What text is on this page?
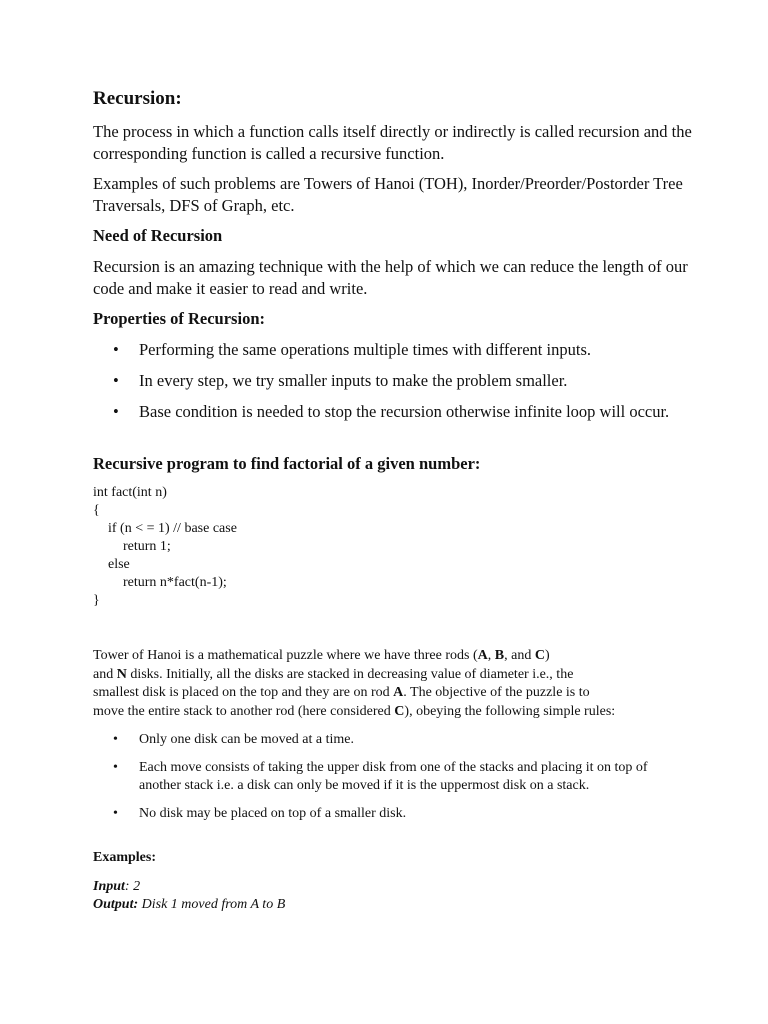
Recursion:

The process in which a function calls itself directly or indirectly is called recursion and the corresponding function is called a recursive function.

Examples of such problems are Towers of Hanoi (TOH), Inorder/Preorder/Postorder Tree Traversals, DFS of Graph, etc.

Need of Recursion

Recursion is an amazing technique with the help of which we can reduce the length of our code and make it easier to read and write.

Properties of Recursion:
• Performing the same operations multiple times with different inputs.
• In every step, we try smaller inputs to make the problem smaller.
• Base condition is needed to stop the recursion otherwise infinite loop will occur.
Recursive program to find factorial of a given number:
int fact(int n)
{
if (n < = 1) // base case
return 1;
else
return n*fact(n-1);
}

Tower of Hanoi is a mathematical puzzle where we have three rods (A, B, and C)
and N disks. Initially, all the disks are stacked in decreasing value of diameter i.e., the
smallest disk is placed on the top and they are on rod A. The objective of the puzzle is to
move the entire stack to another rod (here considered C), obeying the following simple rules:

• Only one disk can be moved at a time.
• Each move consists of taking the upper disk from one of the stacks and placing it on top of another stack i.e. a disk can only be moved if it is the uppermost disk on a stack.
• No disk may be placed on top of a smaller disk.
Examples:
Input: 2
Output: Disk 1 moved from A to B
